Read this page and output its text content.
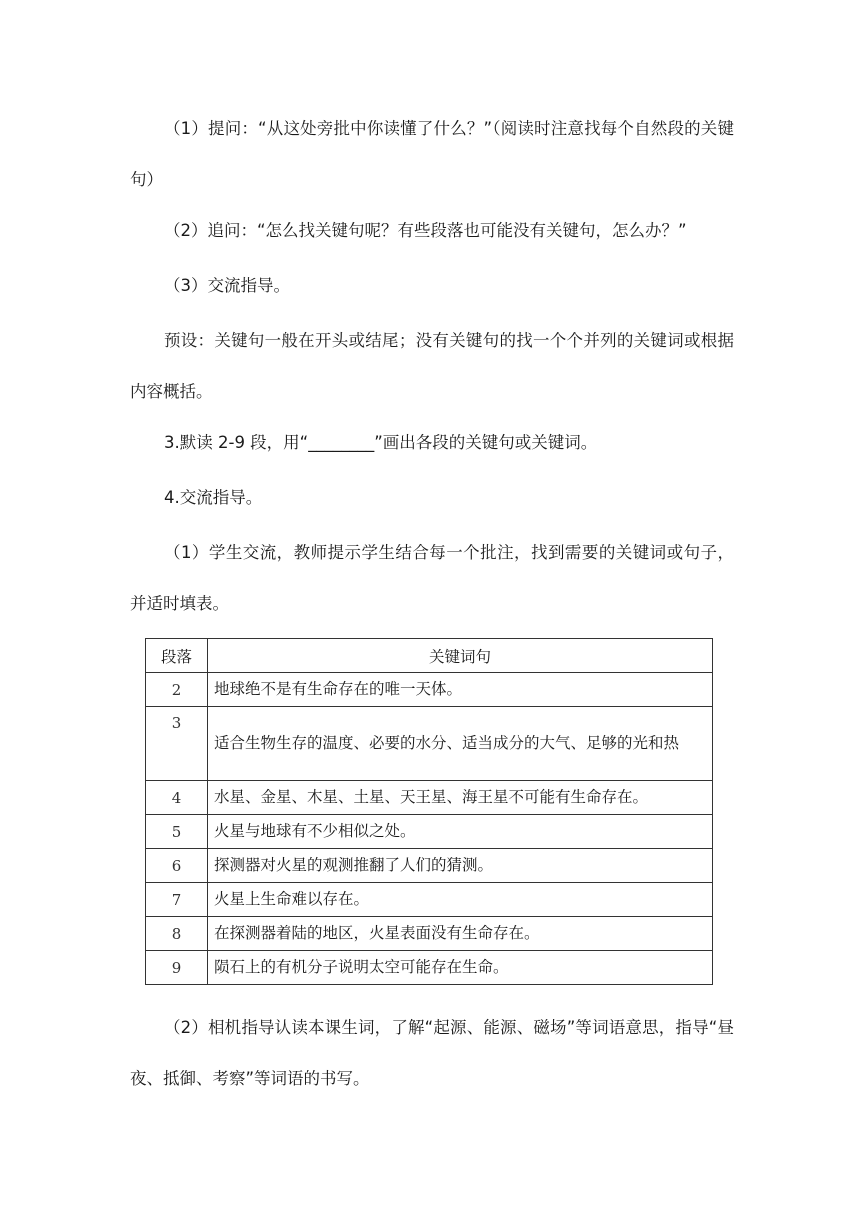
（1）提问：“从这处旁批中你读懂了什么？”（阅读时注意找每个自然段的关键句）

（2）追问：“怎么找关键句呢？有些段落也可能没有关键句，怎么办？”

（3）交流指导。

预设：关键句一般在开头或结尾；没有关键句的找一个个并列的关键词或根据内容概括。

3.默读 2-9 段，用“________”画出各段的关键句或关键词。

4.交流指导。

（1）学生交流，教师提示学生结合每一个批注，找到需要的关键词或句子，并适时填表。

段落	关键词句
2	地球绝不是有生命存在的唯一天体。
3	适合生物生存的温度、必要的水分、适当成分的大气、足够的光和热
4	水星、金星、木星、土星、天王星、海王星不可能有生命存在。
5	火星与地球有不少相似之处。
6	探测器对火星的观测推翻了人们的猜测。
7	火星上生命难以存在。
8	在探测器着陆的地区，火星表面没有生命存在。
9	陨石上的有机分子说明太空可能存在生命。

（2）相机指导认读本课生词，了解“起源、能源、磁场”等词语意思，指导“昼夜、抵御、考察”等词语的书写。
